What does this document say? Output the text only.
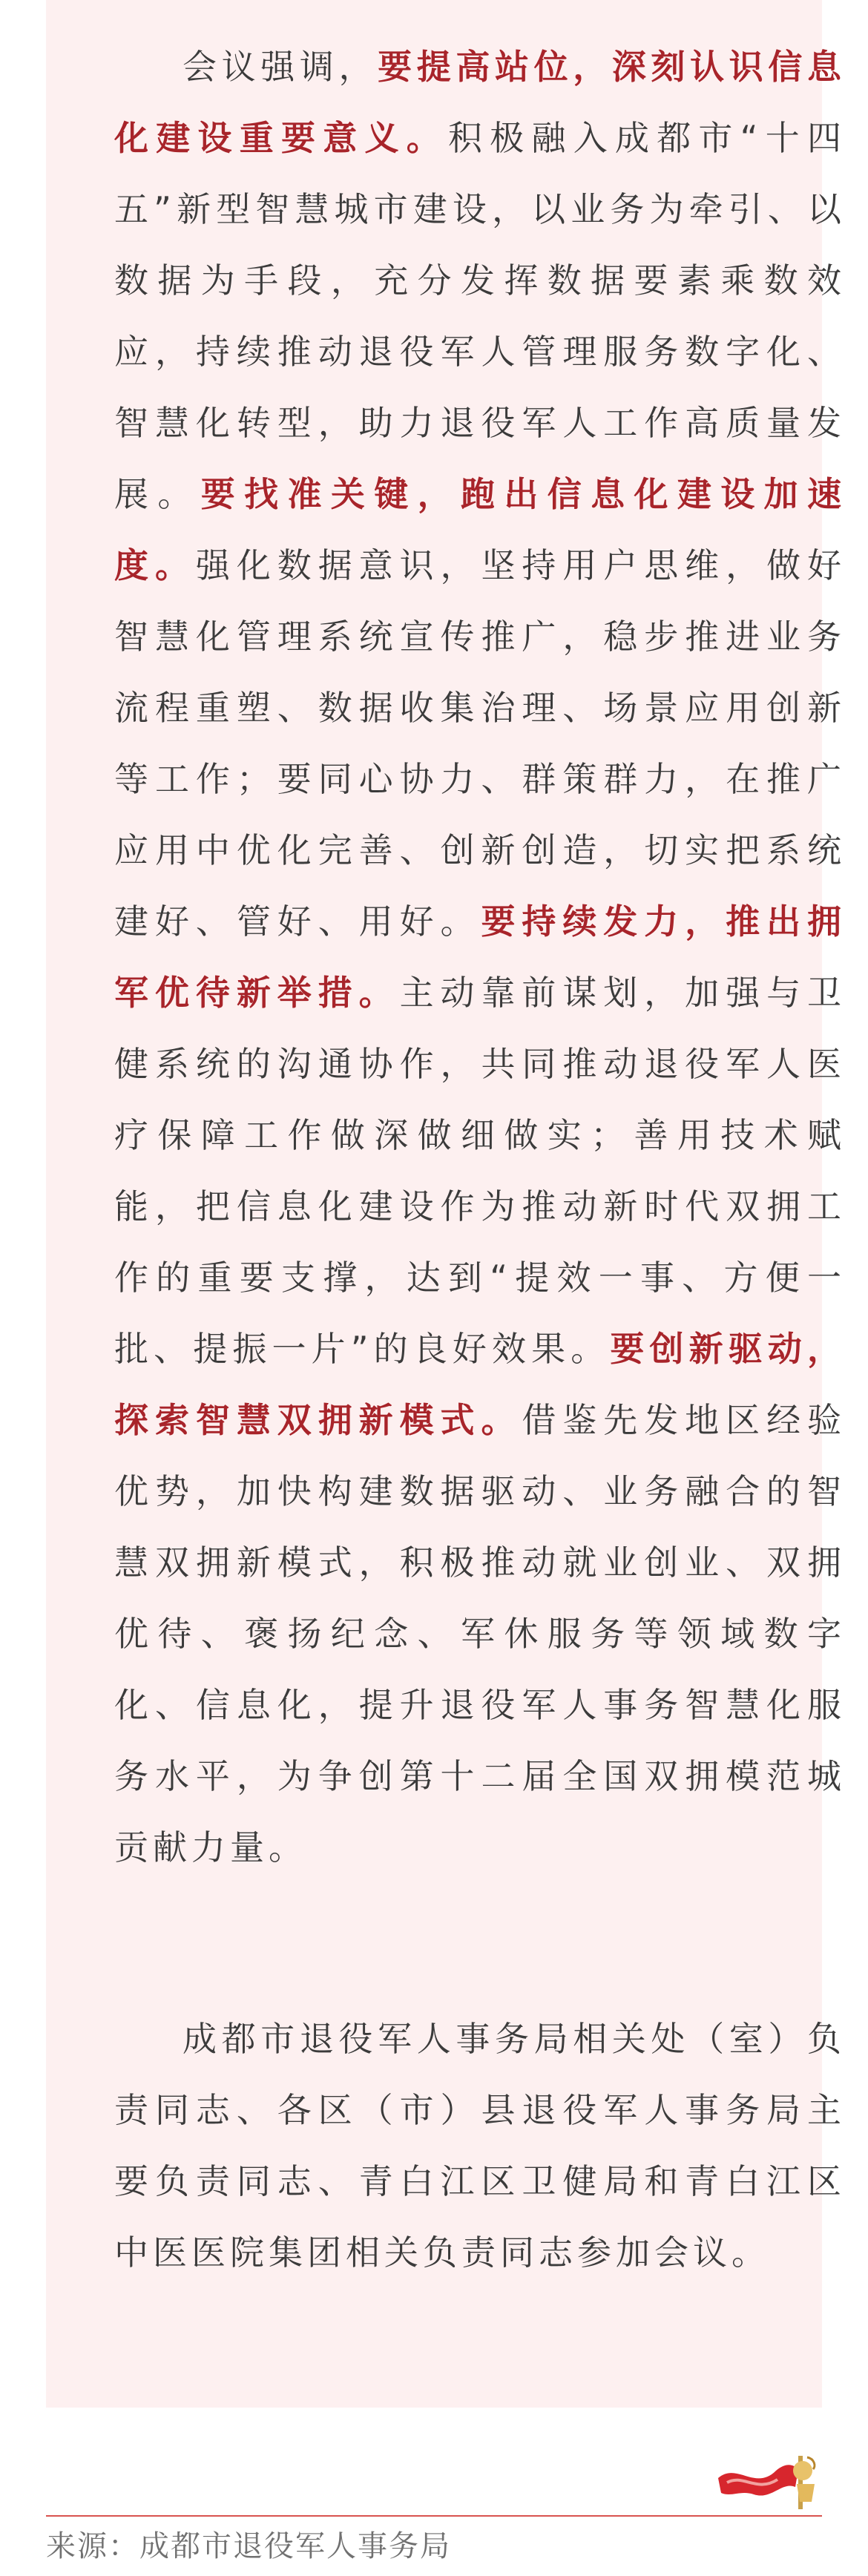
会议强调，要提高站位，深刻认识信息化建设重要意义。积极融入成都市“十四五”新型智慧城市建设，以业务为牵引、以数据为手段，充分发挥数据要素乘数效应，持续推动退役军人管理服务数字化、智慧化转型，助力退役军人工作高质量发展。要找准关键，跑出信息化建设加速度。强化数据意识，坚持用户思维，做好智慧化管理系统宣传推广，稳步推进业务流程重塑、数据收集治理、场景应用创新等工作；要同心协力、群策群力，在推广应用中优化完善、创新创造，切实把系统建好、管好、用好。要持续发力，推出拥军优待新举措。主动靠前谋划，加强与卫健系统的沟通协作，共同推动退役军人医疗保障工作做深做细做实；善用技术赋能，把信息化建设作为推动新时代双拥工作的重要支撑，达到“提效一事、方便一批、提振一片”的良好效果。要创新驱动，探索智慧双拥新模式。借鉴先发地区经验优势，加快构建数据驱动、业务融合的智慧双拥新模式，积极推动就业创业、双拥优待、褒扬纪念、军休服务等领域数字化、信息化，提升退役军人事务智慧化服务水平，为争创第十二届全国双拥模范城贡献力量。

成都市退役军人事务局相关处（室）负责同志、各区（市）县退役军人事务局主要负责同志、青白江区卫健局和青白江区中医医院集团相关负责同志参加会议。

来源：成都市退役军人事务局
